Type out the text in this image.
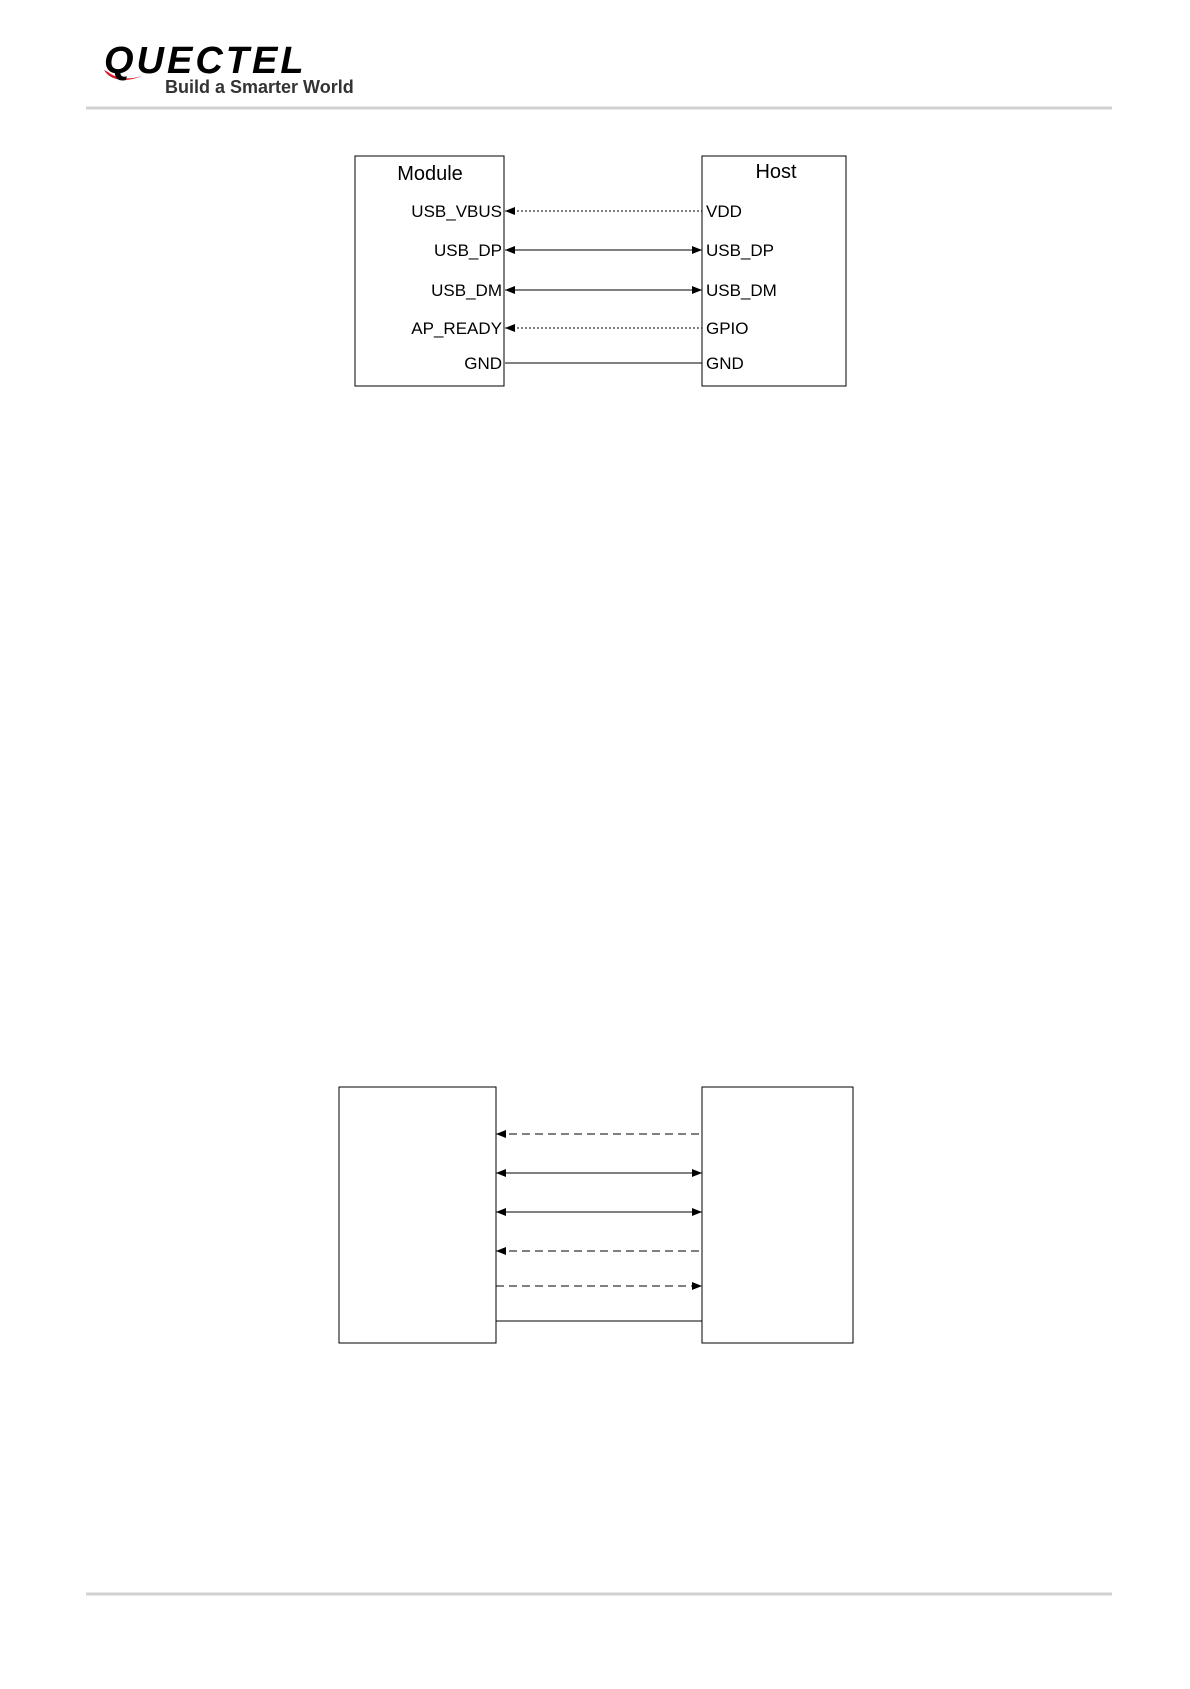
QUECTEL
Build a Smarter World
Module	Host
USB_VBUS	VDD
USB_DP	USB_DP
USB_DM	USB_DM
AP_READY	GPIO
GND	GND
